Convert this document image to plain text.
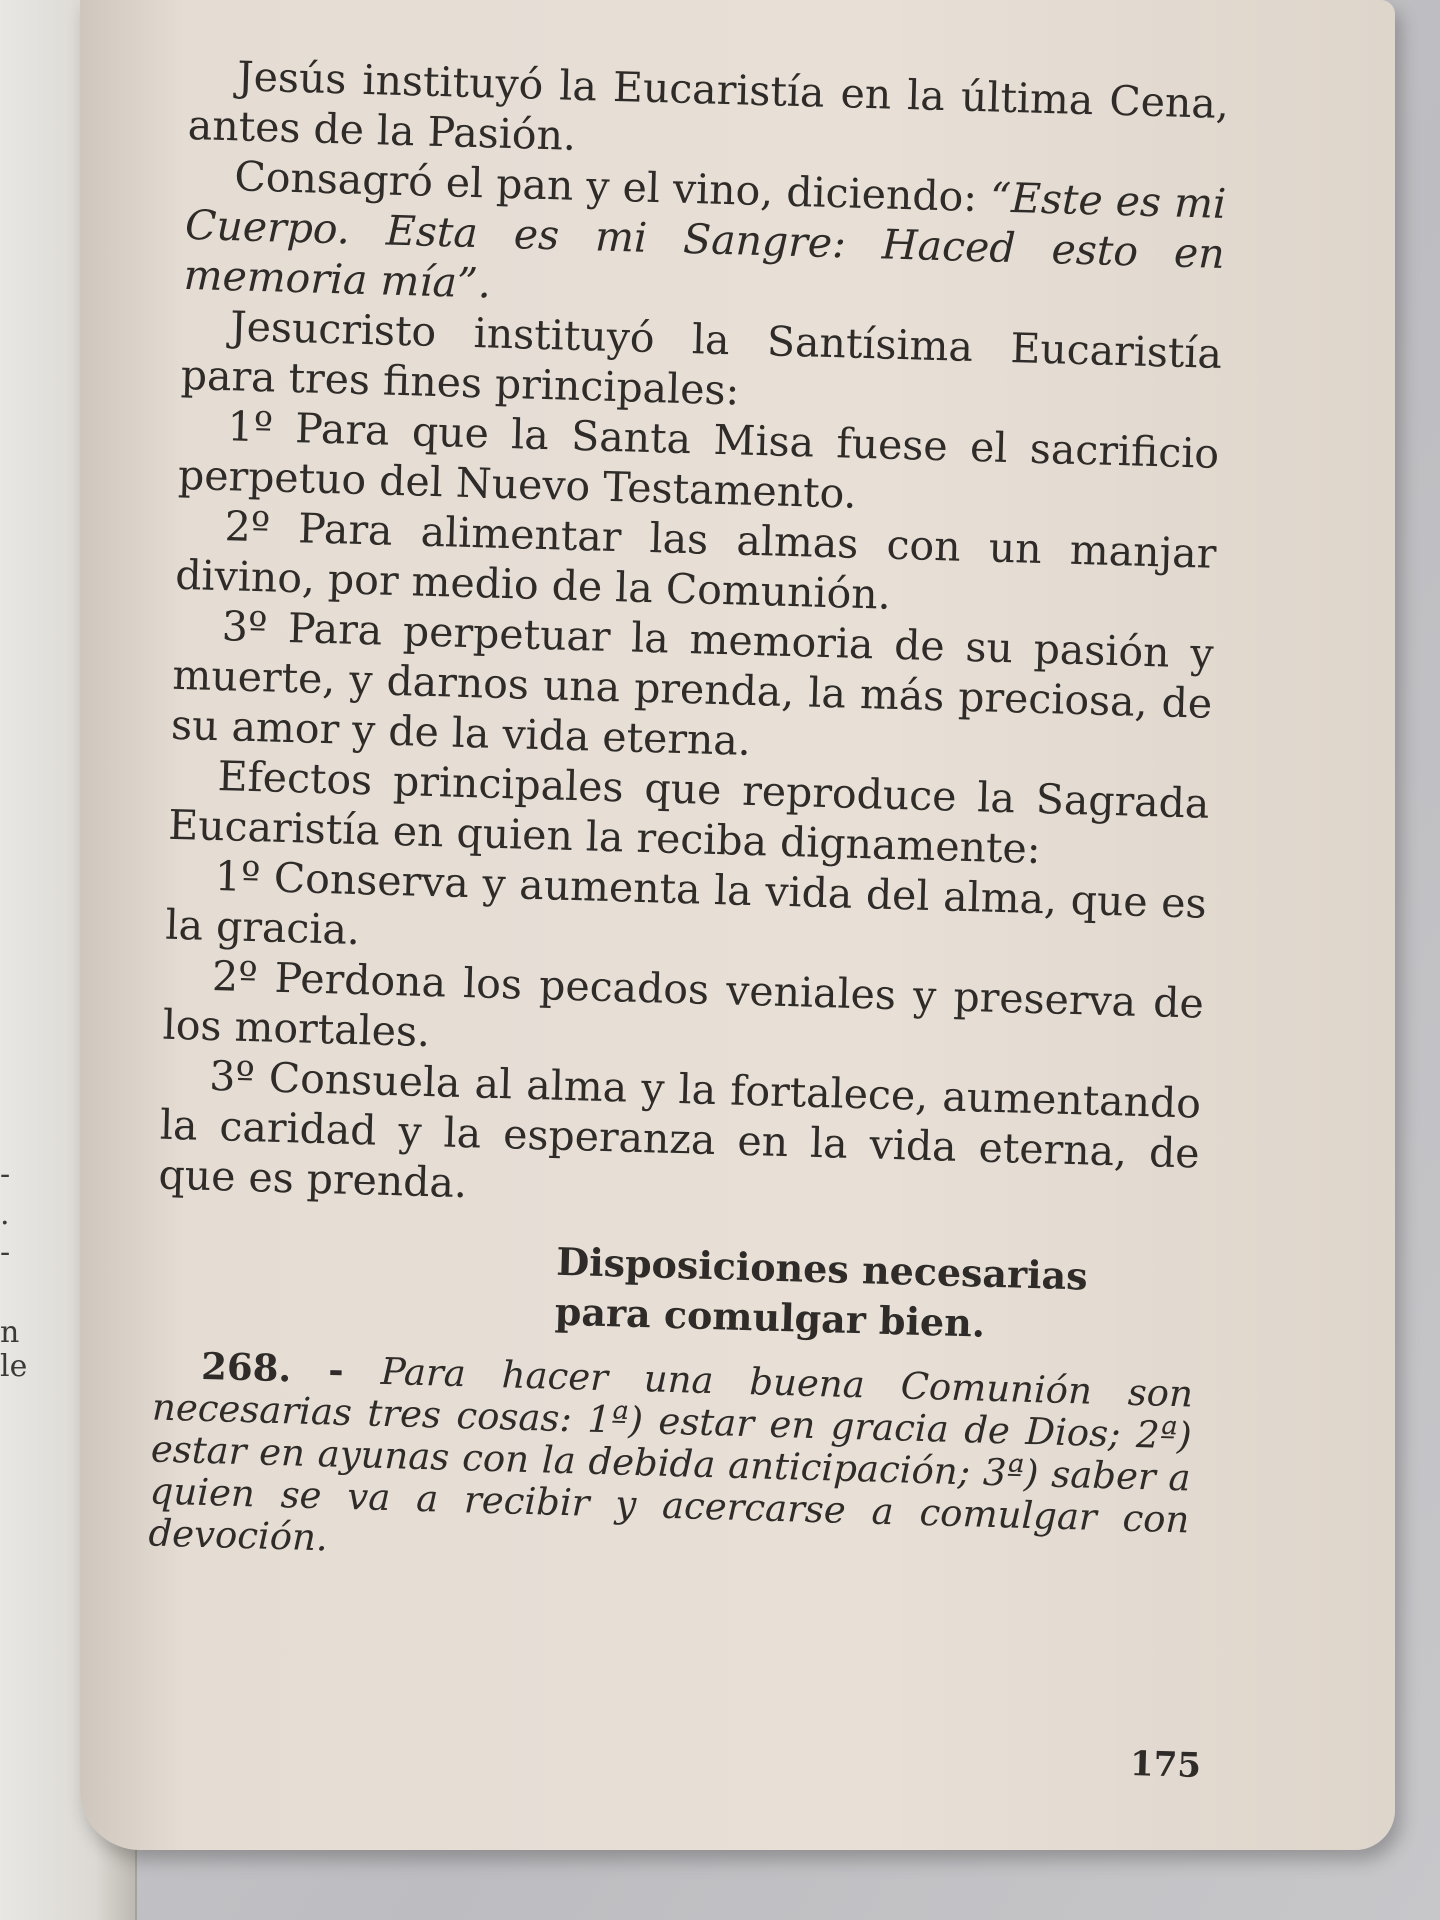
-
.
-
n
le

Jesús instituyó la Eucaristía en la última Cena, antes de la Pasión.

Consagró el pan y el vino, diciendo: “Este es mi Cuerpo. Esta es mi Sangre: Haced esto en memoria mía”.

Jesucristo instituyó la Santísima Eucaristía para tres fines principales:

1º Para que la Santa Misa fuese el sacrificio perpetuo del Nuevo Testamento.

2º Para alimentar las almas con un manjar divino, por medio de la Comunión.

3º Para perpetuar la memoria de su pasión y muerte, y darnos una prenda, la más preciosa, de su amor y de la vida eterna.

Efectos principales que reproduce la Sagrada Eucaristía en quien la reciba dignamente:

1º Conserva y aumenta la vida del alma, que es la gracia.

2º Perdona los pecados veniales y preserva de los mortales.

3º Consuela al alma y la fortalece, aumentando la caridad y la esperanza en la vida eterna, de que es prenda.

Disposiciones necesarias para comulgar bien.

268. - Para hacer una buena Comunión son necesarias tres cosas: 1ª) estar en gracia de Dios; 2ª) estar en ayunas con la debida anticipación; 3ª) saber a quien se va a recibir y acercarse a comulgar con devoción.

175
